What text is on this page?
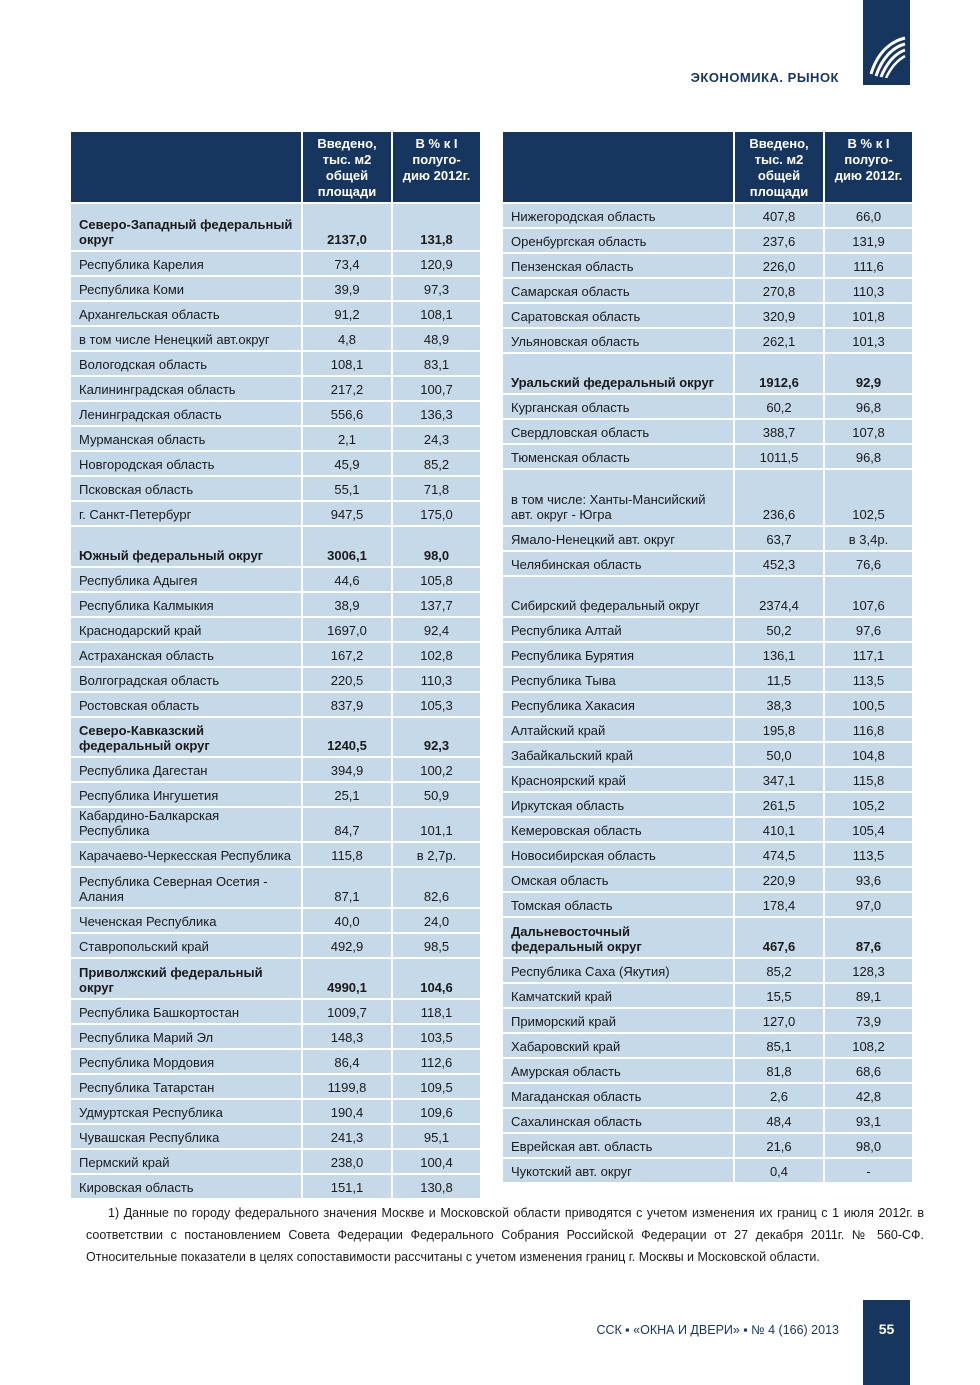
ЭКОНОМИКА. РЫНОК
	Введено, тыс. м2 общей площади	В % к I полуго-дию 2012г.
Северо-Западный федеральный округ	2137,0	131,8
Республика Карелия	73,4	120,9
Республика Коми	39,9	97,3
Архангельская область	91,2	108,1
в том числе Ненецкий авт.округ	4,8	48,9
Вологодская область	108,1	83,1
Калининградская область	217,2	100,7
Ленинградская область	556,6	136,3
Мурманская область	2,1	24,3
Новгородская область	45,9	85,2
Псковская область	55,1	71,8
г. Санкт-Петербург	947,5	175,0
Южный федеральный округ	3006,1	98,0
Республика Адыгея	44,6	105,8
Республика Калмыкия	38,9	137,7
Краснодарский край	1697,0	92,4
Астраханская область	167,2	102,8
Волгоградская область	220,5	110,3
Ростовская область	837,9	105,3
Северо-Кавказский федеральный округ	1240,5	92,3
Республика Дагестан	394,9	100,2
Республика Ингушетия	25,1	50,9
Кабардино-Балкарская Республика	84,7	101,1
Карачаево-Черкесская Республика	115,8	в 2,7р.
Республика Северная Осетия - Алания	87,1	82,6
Чеченская Республика	40,0	24,0
Ставропольский край	492,9	98,5
Приволжский федеральный округ	4990,1	104,6
Республика Башкортостан	1009,7	118,1
Республика Марий Эл	148,3	103,5
Республика Мордовия	86,4	112,6
Республика Татарстан	1199,8	109,5
Удмуртская Республика	190,4	109,6
Чувашская Республика	241,3	95,1
Пермский край	238,0	100,4
Кировская область	151,1	130,8
	Введено, тыс. м2 общей площади	В % к I полуго-дию 2012г.
Нижегородская область	407,8	66,0
Оренбургская область	237,6	131,9
Пензенская область	226,0	111,6
Самарская область	270,8	110,3
Саратовская область	320,9	101,8
Ульяновская область	262,1	101,3
Уральский федеральный округ	1912,6	92,9
Курганская область	60,2	96,8
Свердловская область	388,7	107,8
Тюменская область	1011,5	96,8
в том числе: Ханты-Мансийский авт. округ - Югра	236,6	102,5
Ямало-Ненецкий авт. округ	63,7	в 3,4р.
Челябинская область	452,3	76,6
Сибирский федеральный округ	2374,4	107,6
Республика Алтай	50,2	97,6
Республика Бурятия	136,1	117,1
Республика Тыва	11,5	113,5
Республика Хакасия	38,3	100,5
Алтайский край	195,8	116,8
Забайкальский край	50,0	104,8
Красноярский край	347,1	115,8
Иркутская область	261,5	105,2
Кемеровская область	410,1	105,4
Новосибирская область	474,5	113,5
Омская область	220,9	93,6
Томская область	178,4	97,0
Дальневосточный федеральный округ	467,6	87,6
Республика Саха (Якутия)	85,2	128,3
Камчатский край	15,5	89,1
Приморский край	127,0	73,9
Хабаровский край	85,1	108,2
Амурская область	81,8	68,6
Магаданская область	2,6	42,8
Сахалинская область	48,4	93,1
Еврейская авт. область	21,6	98,0
Чукотский авт. округ	0,4	-
1) Данные по городу федерального значения Москве и Московской области приводятся с учетом изменения их границ с 1 июля 2012г. в соответствии с постановлением Совета Федерации Федерального Собрания Российской Федерации от 27 декабря 2011г. № 560-СФ. Относительные показатели в целях сопоставимости рассчитаны с учетом изменения границ г. Москвы и Московской области.
ССК ▪ «ОКНА И ДВЕРИ» ▪ № 4 (166) 2013	55
